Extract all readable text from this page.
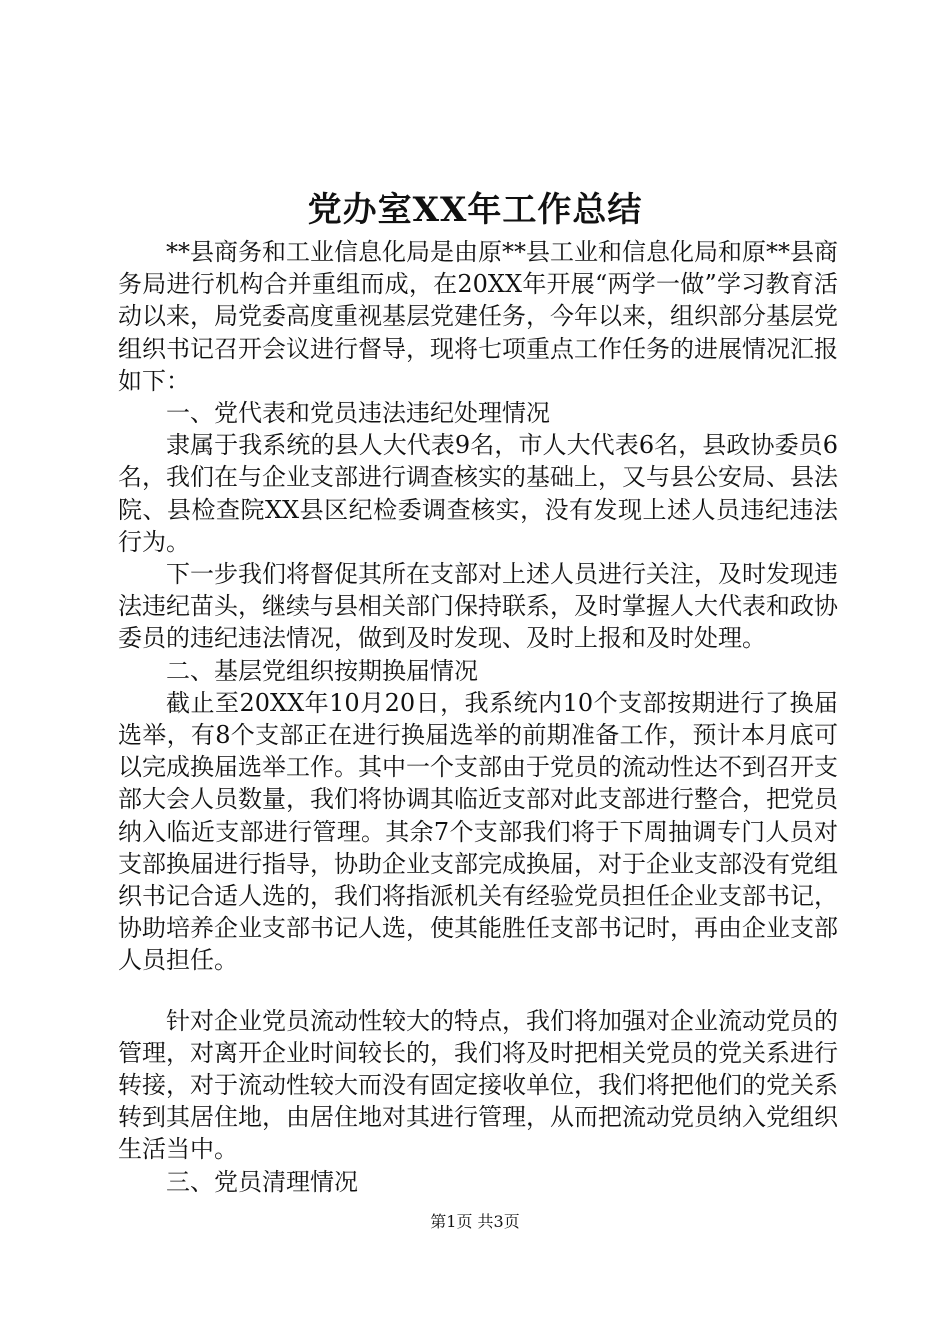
党办室XX年工作总结

**县商务和工业信息化局是由原**县工业和信息化局和原**县商务局进行机构合并重组而成，在20XX年开展“两学一做”学习教育活动以来，局党委高度重视基层党建任务，今年以来，组织部分基层党组织书记召开会议进行督导，现将七项重点工作任务的进展情况汇报如下：

一、党代表和党员违法违纪处理情况

隶属于我系统的县人大代表9名，市人大代表6名，县政协委员6名，我们在与企业支部进行调查核实的基础上，又与县公安局、县法院、县检查院XX县区纪检委调查核实，没有发现上述人员违纪违法行为。

下一步我们将督促其所在支部对上述人员进行关注，及时发现违法违纪苗头，继续与县相关部门保持联系，及时掌握人大代表和政协委员的违纪违法情况，做到及时发现、及时上报和及时处理。

二、基层党组织按期换届情况

截止至20XX年10月20日，我系统内10个支部按期进行了换届选举，有8个支部正在进行换届选举的前期准备工作，预计本月底可以完成换届选举工作。其中一个支部由于党员的流动性达不到召开支部大会人员数量，我们将协调其临近支部对此支部进行整合，把党员纳入临近支部进行管理。其余7个支部我们将于下周抽调专门人员对支部换届进行指导，协助企业支部完成换届，对于企业支部没有党组织书记合适人选的，我们将指派机关有经验党员担任企业支部书记，协助培养企业支部书记人选，使其能胜任支部书记时，再由企业支部人员担任。

针对企业党员流动性较大的特点，我们将加强对企业流动党员的管理，对离开企业时间较长的，我们将及时把相关党员的党关系进行转接，对于流动性较大而没有固定接收单位，我们将把他们的党关系转到其居住地，由居住地对其进行管理，从而把流动党员纳入党组织生活当中。

三、党员清理情况

第1页 共3页
